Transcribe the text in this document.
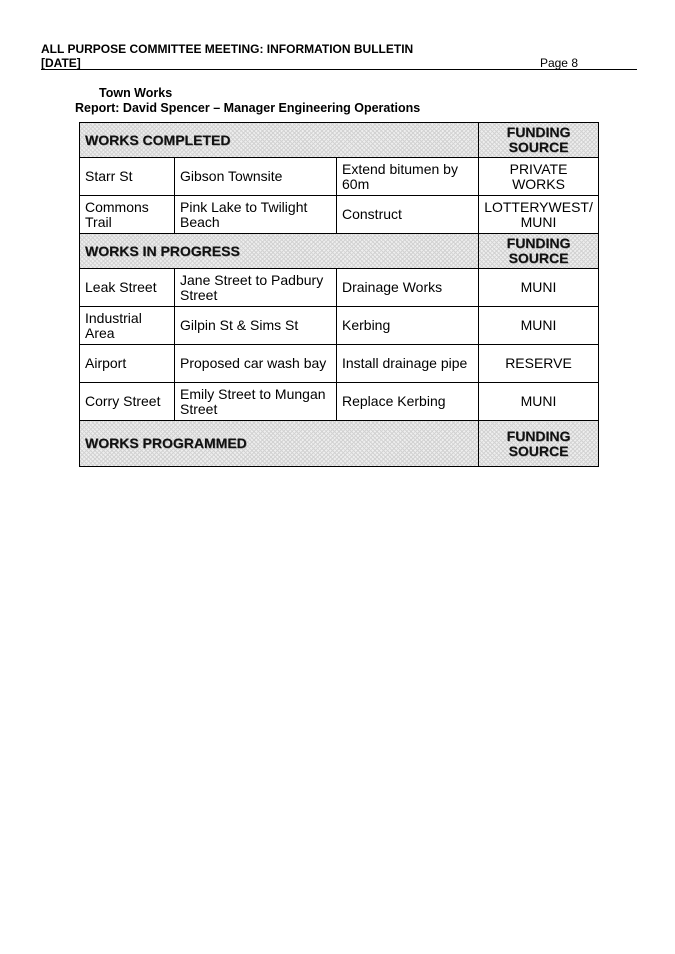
ALL PURPOSE COMMITTEE MEETING: INFORMATION BULLETIN
[DATE]	Page 8
Town Works
Report: David Spencer – Manager Engineering Operations
WORKS COMPLETED			FUNDING SOURCE
Starr St	Gibson Townsite	Extend bitumen by 60m	PRIVATE WORKS
Commons Trail	Pink Lake to Twilight Beach	Construct	LOTTERYWEST/ MUNI
WORKS IN PROGRESS			FUNDING SOURCE
Leak Street	Jane Street to Padbury Street	Drainage Works	MUNI
Industrial Area	Gilpin St & Sims St	Kerbing	MUNI
Airport	Proposed car wash bay	Install drainage pipe	RESERVE
Corry Street	Emily Street to Mungan Street	Replace Kerbing	MUNI
WORKS PROGRAMMED			FUNDING SOURCE
